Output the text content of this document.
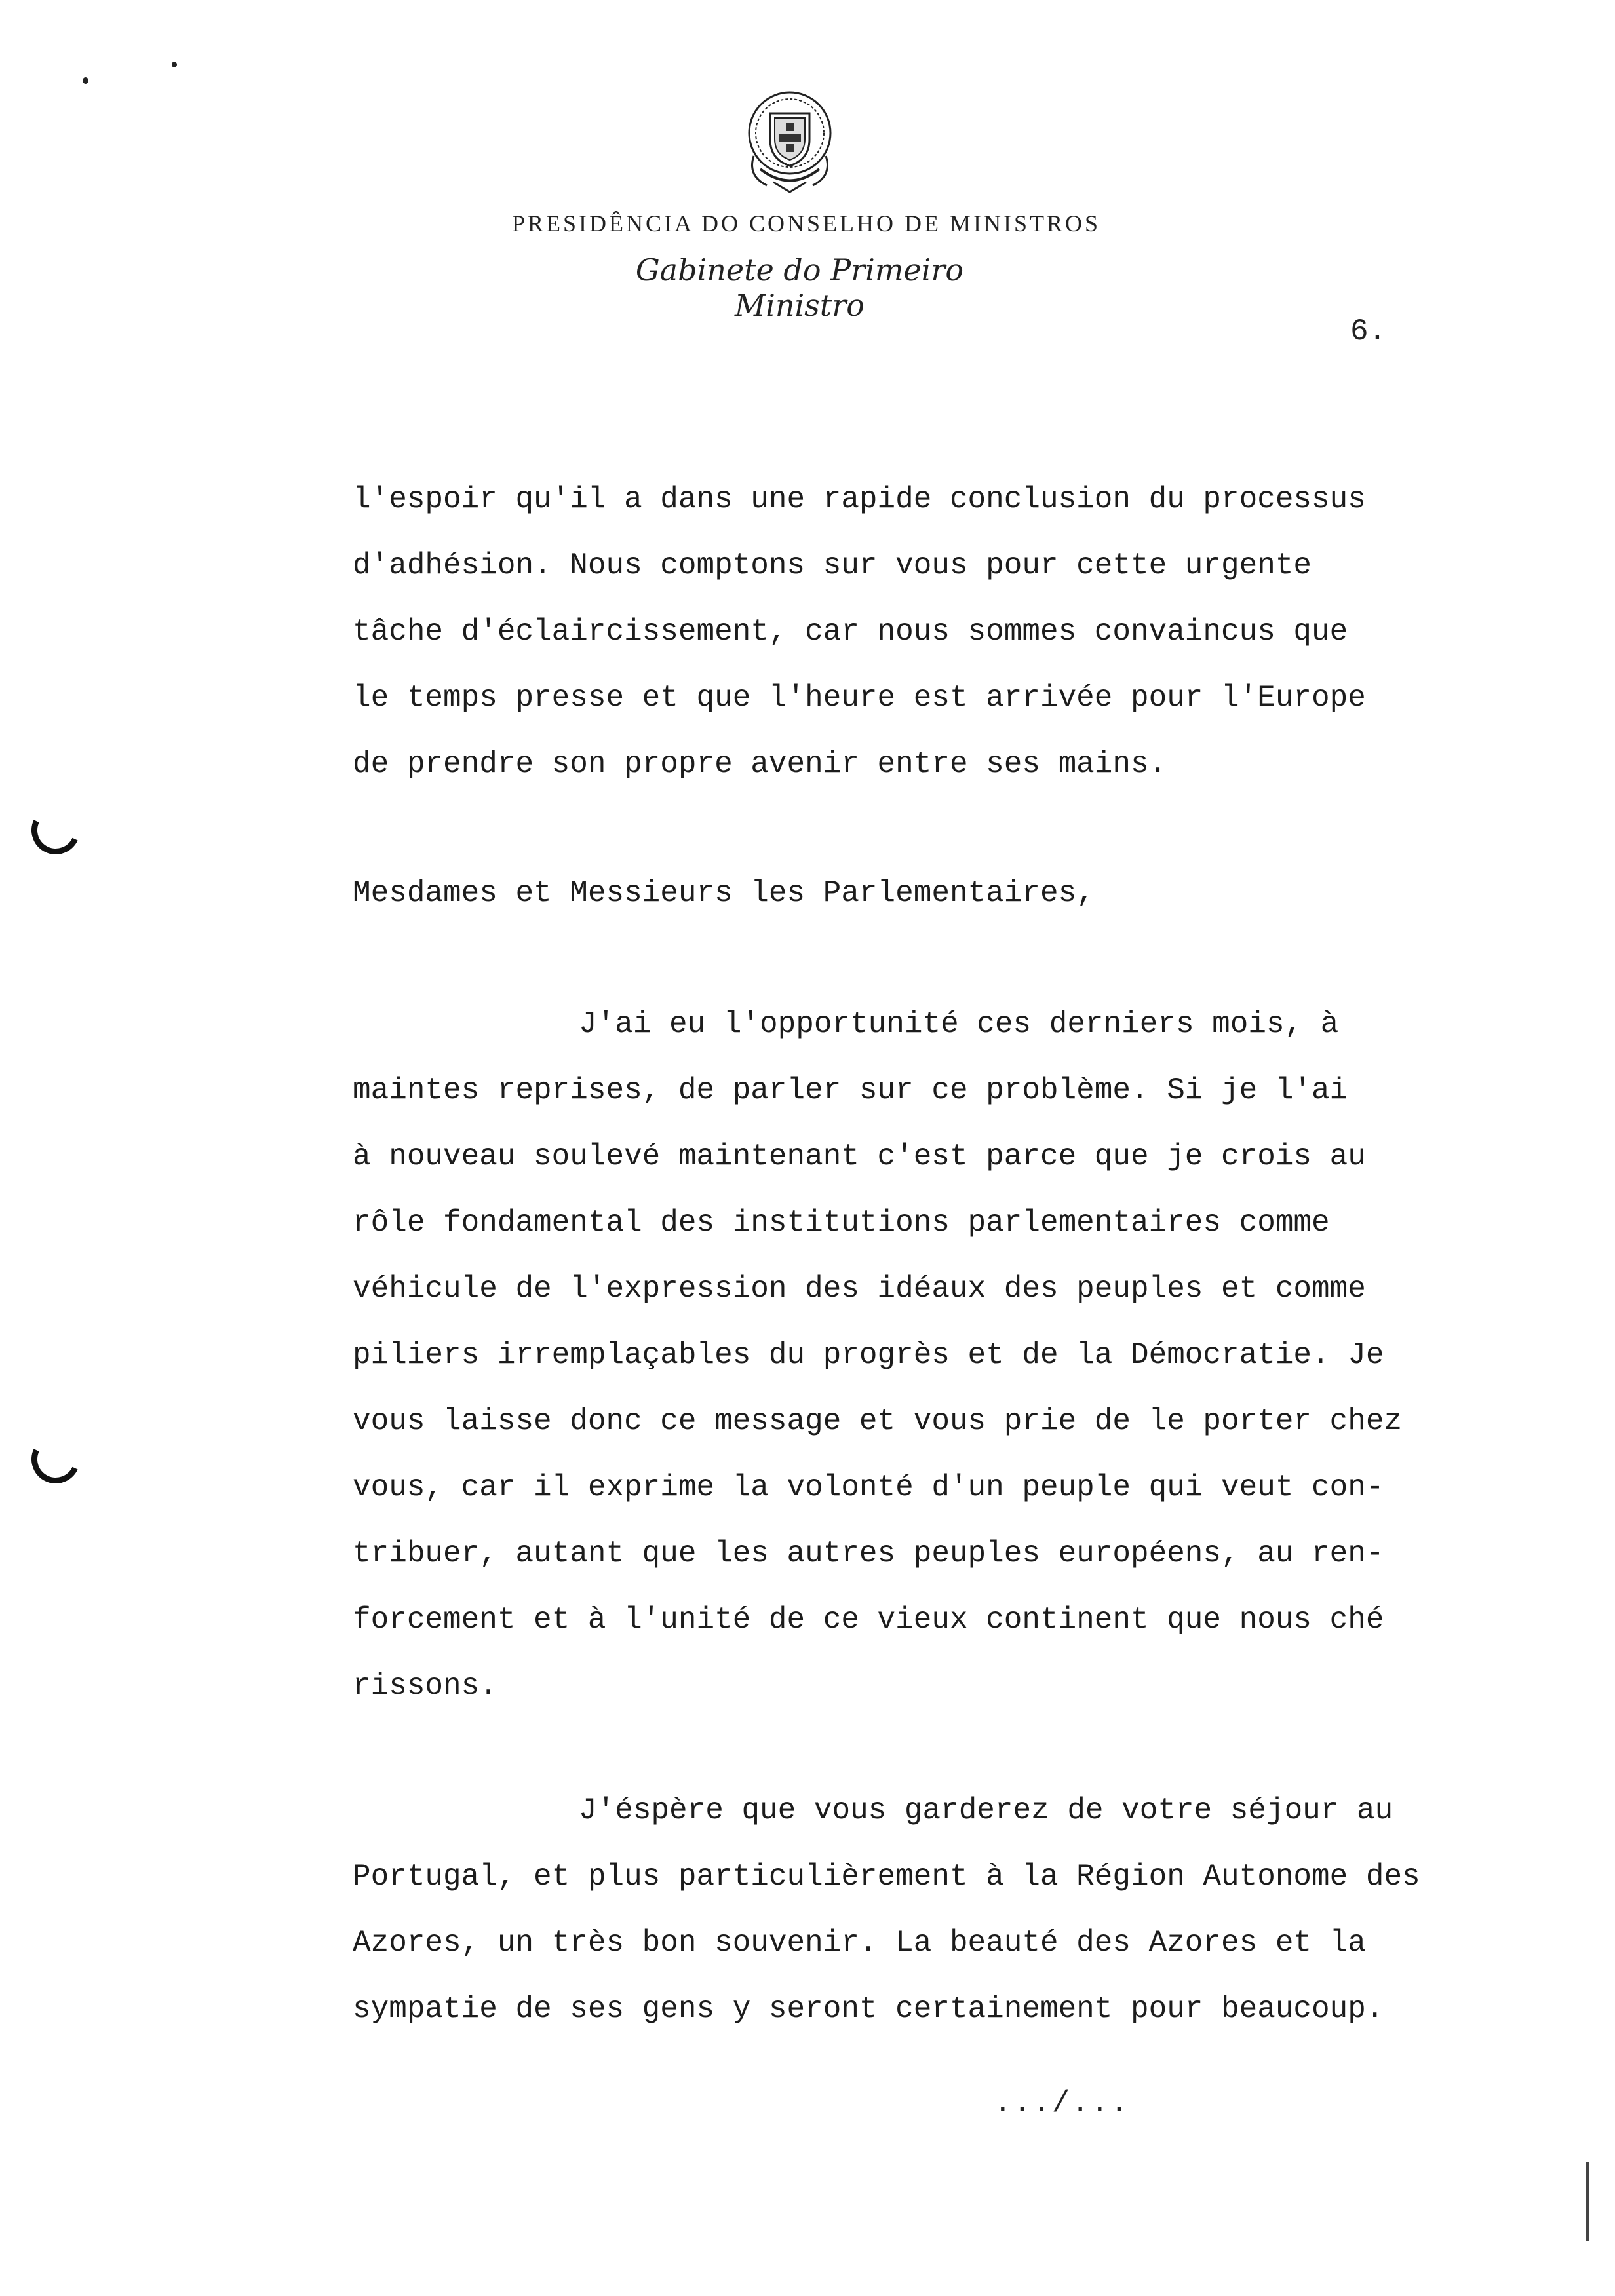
PRESIDÊNCIA DO CONSELHO DE MINISTROS
Gabinete do Primeiro Ministro
6.
l'espoir qu'il a dans une rapide conclusion du processus
d'adhésion. Nous comptons sur vous pour cette urgente
tâche d'éclaircissement, car nous sommes convaincus que
le temps presse et que l'heure est arrivée pour l'Europe
de prendre son propre avenir entre ses mains.
Mesdames et Messieurs les Parlementaires,
J'ai eu l'opportunité ces derniers mois, à
maintes reprises, de parler sur ce problème. Si je l'ai
à nouveau soulevé maintenant c'est parce que je crois au
rôle fondamental des institutions parlementaires comme
véhicule de l'expression des idéaux des peuples et comme
piliers irremplaçables du progrès et de la Démocratie. Je
vous laisse donc ce message et vous prie de le porter chez
vous, car il exprime la volonté d'un peuple qui veut con-
tribuer, autant que les autres peuples européens, au ren-
forcement et à l'unité de ce vieux continent que nous ché
rissons.
J'éspère que vous garderez de votre séjour au
Portugal, et plus particulièrement à la Région Autonome des
Azores, un très bon souvenir. La beauté des Azores et la
sympatie de ses gens y seront certainement pour beaucoup.
.../...
